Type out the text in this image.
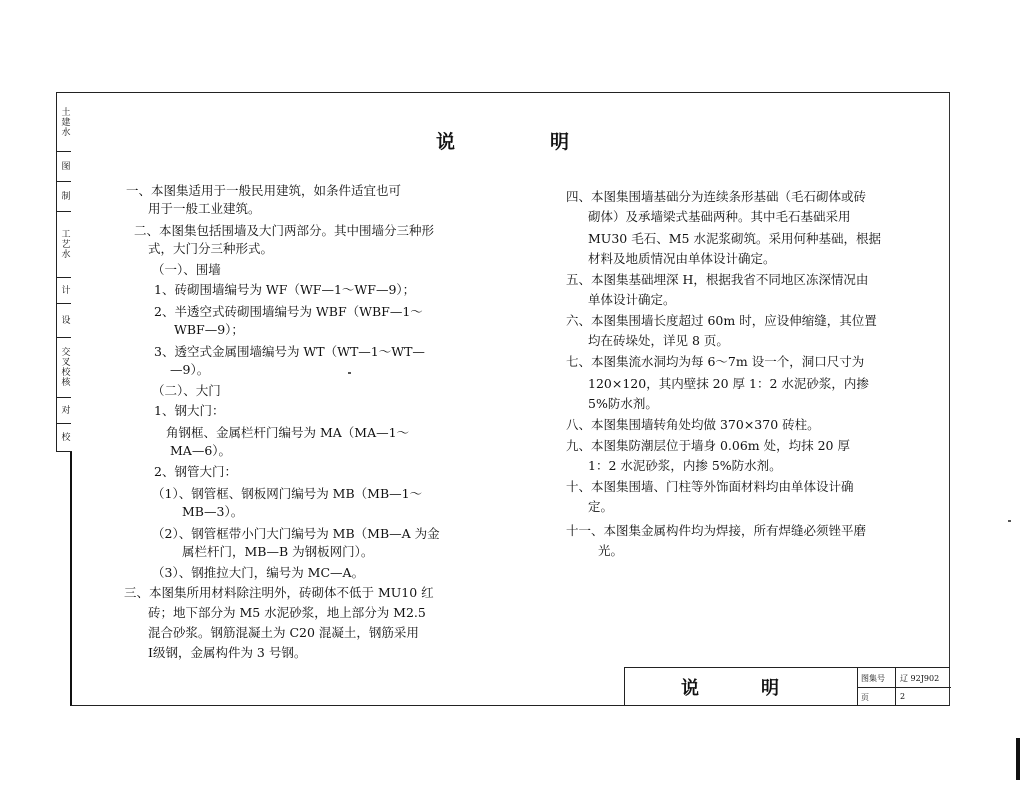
土建水
图
制
工艺水
计
设
交叉校核
对
校
说　明
一、本图集适用于一般民用建筑，如条件适宜也可
用于一般工业建筑。
二、本图集包括围墙及大门两部分。其中围墙分三种形
式，大门分三种形式。
（一）、围墙
1、砖砌围墙编号为 WF（WF—1～WF—9）；
2、半透空式砖砌围墙编号为 WBF（WBF—1～
WBF—9）；
3、透空式金属围墙编号为 WT（WT—1～WT—
—9）。
（二）、大门
1、钢大门：
角钢框、金属栏杆门编号为 MA（MA—1～
MA—6）。
2、钢管大门：
（1）、钢管框、钢板网门编号为 MB（MB—1～
MB—3）。
（2）、钢管框带小门大门编号为 MB（MB—A 为金
属栏杆门，MB—B 为钢板网门）。
（3）、钢推拉大门，编号为 MC—A。
三、本图集所用材料除注明外，砖砌体不低于 MU10 红
砖；地下部分为 M5 水泥砂浆，地上部分为 M2.5
混合砂浆。钢筋混凝土为 C20 混凝土，钢筋采用
Ⅰ级钢，金属构件为 3 号钢。
四、本图集围墙基础分为连续条形基础（毛石砌体或砖
砌体）及承墙梁式基础两种。其中毛石基础采用
MU30 毛石、M5 水泥浆砌筑。采用何种基础，根据
材料及地质情况由单体设计确定。
五、本图集基础埋深 H，根据我省不同地区冻深情况由
单体设计确定。
六、本图集围墙长度超过 60m 时，应设伸缩缝，其位置
均在砖垛处，详见 8 页。
七、本图集流水洞均为每 6～7m 设一个，洞口尺寸为
120×120，其内壁抹 20 厚 1：2 水泥砂浆，内掺
5%防水剂。
八、本图集围墙转角处均做 370×370 砖柱。
九、本图集防潮层位于墙身 0.06m 处，均抹 20 厚
1：2 水泥砂浆，内掺 5%防水剂。
十、本图集围墙、门柱等外饰面材料均由单体设计确
定。
十一、本图集金属构件均为焊接，所有焊缝必须锉平磨
光。
说　明	图集号 辽 92J902
页	2
